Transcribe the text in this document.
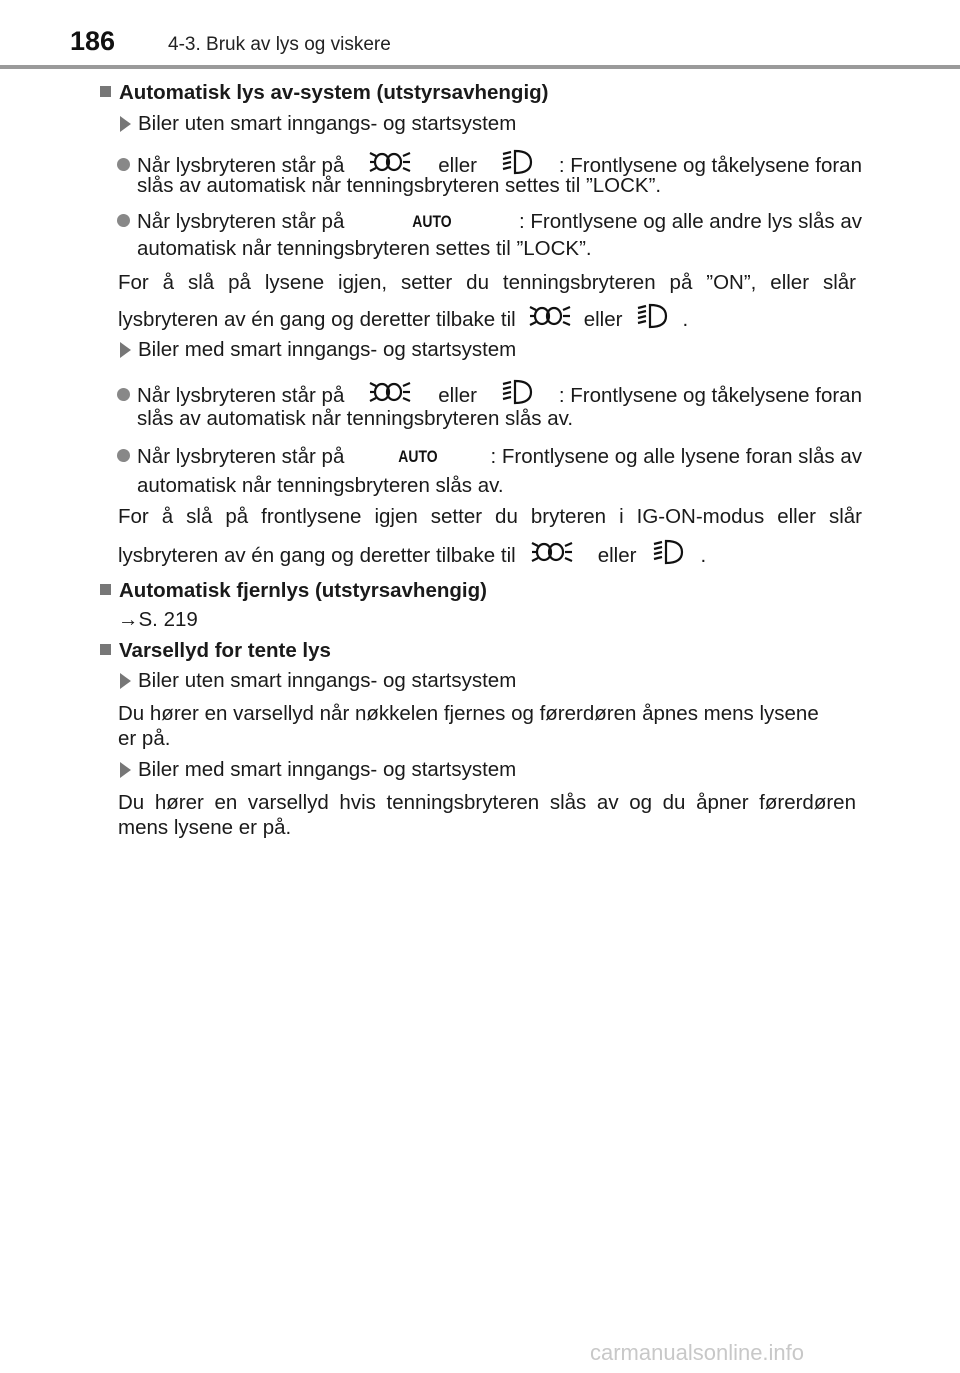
186	4-3. Bruk av lys og viskere
Automatisk lys av-system (utstyrsavhengig)
Biler uten smart inngangs- og startsystem
Når lysbryteren står på	eller	: Frontlysene og tåkelysene foran
slås av automatisk når tenningsbryteren settes til ”LOCK”.
Når lysbryteren står på	AUTO	: Frontlysene og alle andre lys slås av
automatisk når tenningsbryteren settes til ”LOCK”.
For å slå på lysene igjen, setter du tenningsbryteren på ”ON”, eller slår
lysbryteren av én gang og deretter tilbake til	eller	.
Biler med smart inngangs- og startsystem
Når lysbryteren står på	eller	: Frontlysene og tåkelysene foran
slås av automatisk når tenningsbryteren slås av.
Når lysbryteren står på	AUTO	: Frontlysene og alle lysene foran slås av
automatisk når tenningsbryteren slås av.
For å slå på frontlysene igjen setter du bryteren i IG-ON-modus eller slår
lysbryteren av én gang og deretter tilbake til	eller	.
Automatisk fjernlys (utstyrsavhengig)
→S. 219
Varsellyd for tente lys
Biler uten smart inngangs- og startsystem
Du hører en varsellyd når nøkkelen fjernes og førerdøren åpnes mens lysene
er på.
Biler med smart inngangs- og startsystem
Du hører en varsellyd hvis tenningsbryteren slås av og du åpner førerdøren
mens lysene er på.
carmanualsonline.info
